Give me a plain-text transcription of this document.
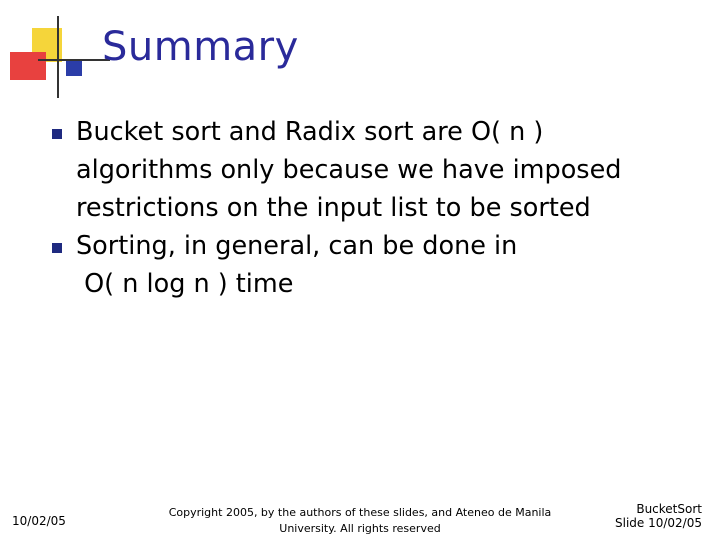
Summary
Bucket sort and Radix sort are O( n )
algorithms only because we have imposed
restrictions on the input list to be sorted
Sorting, in general, can be done in
O( n log n ) time
10/02/05
Copyright 2005, by the authors of these slides, and Ateneo de Manila
University. All rights reserved
BucketSort
Slide 10/02/05
